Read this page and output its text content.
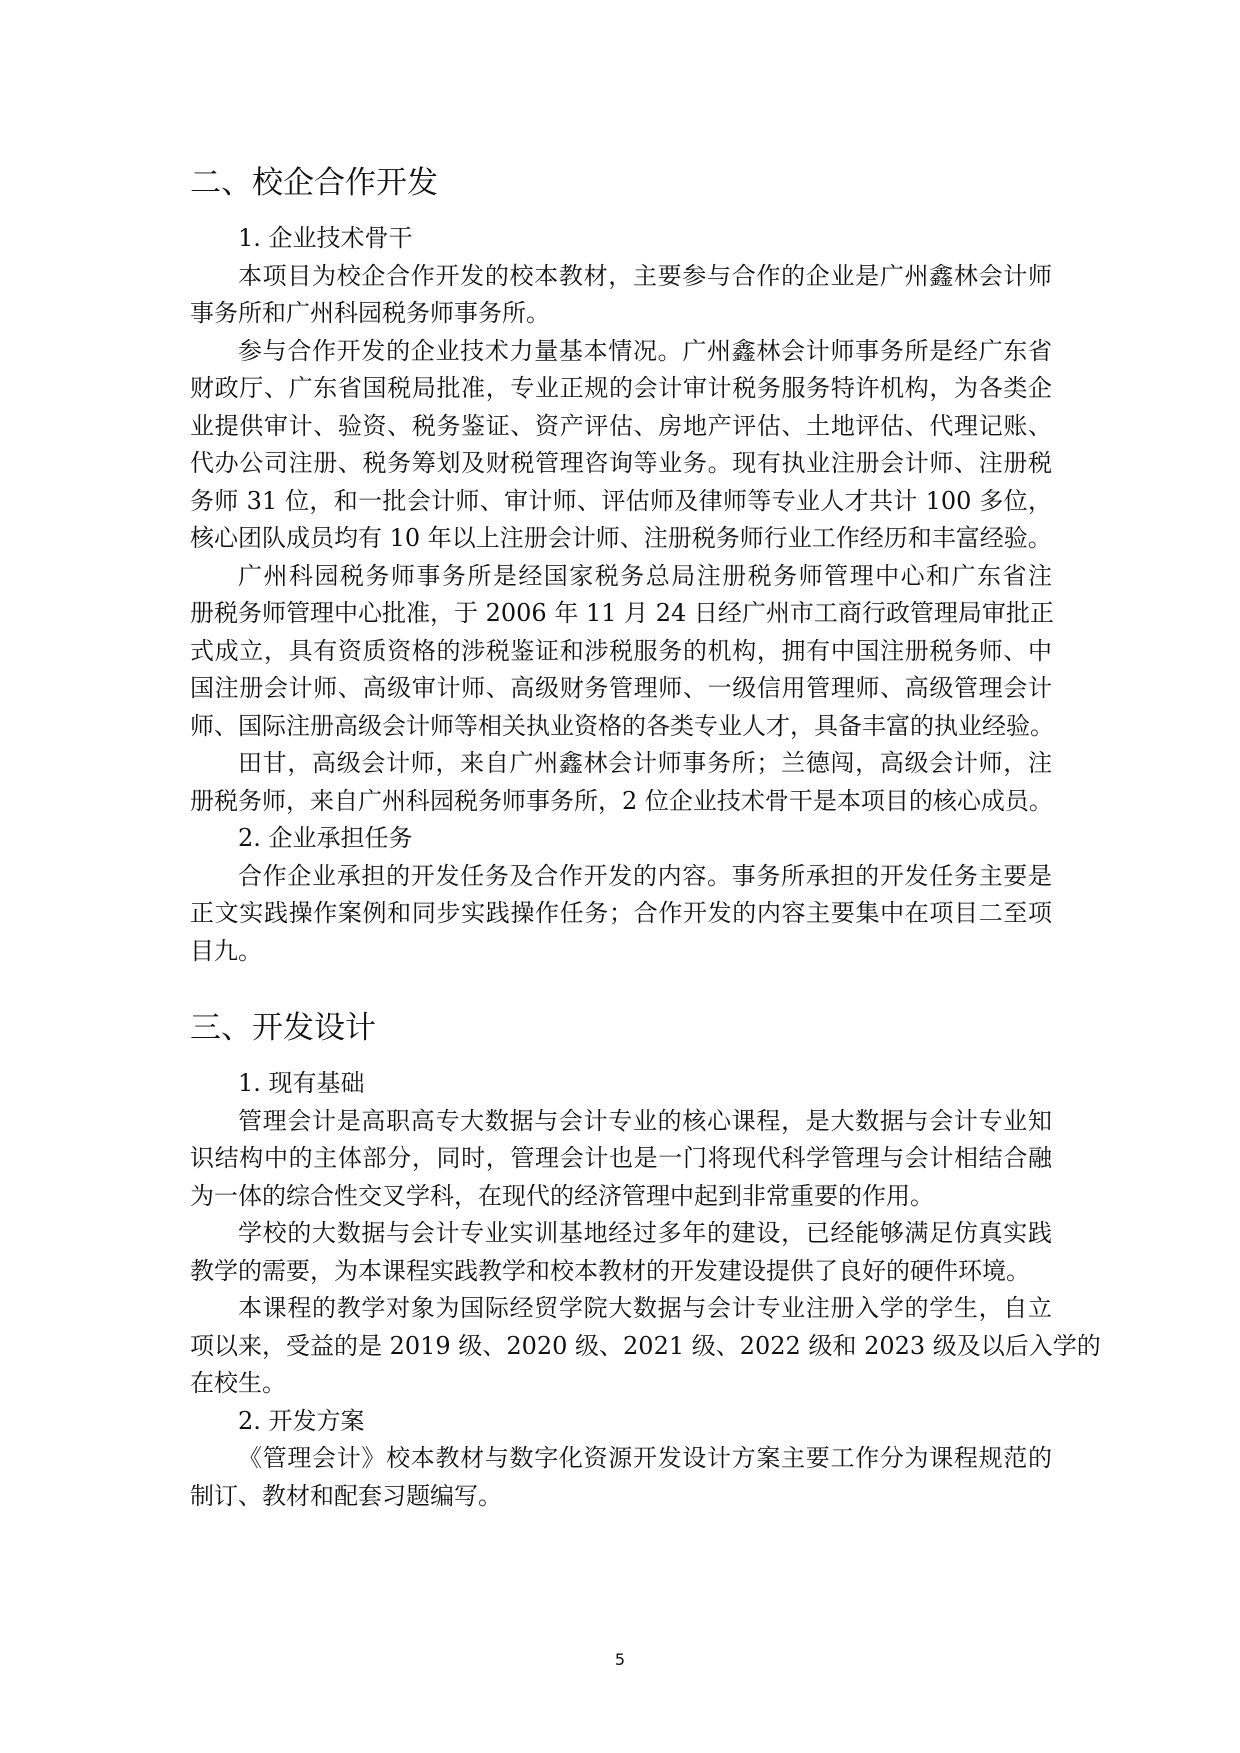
二、校企合作开发
1. 企业技术骨干
本项目为校企合作开发的校本教材，主要参与合作的企业是广州鑫林会计师
事务所和广州科园税务师事务所。
参与合作开发的企业技术力量基本情况。广州鑫林会计师事务所是经广东省
财政厅、广东省国税局批准，专业正规的会计审计税务服务特许机构，为各类企
业提供审计、验资、税务鉴证、资产评估、房地产评估、土地评估、代理记账、
代办公司注册、税务筹划及财税管理咨询等业务。现有执业注册会计师、注册税
务师 31 位，和一批会计师、审计师、评估师及律师等专业人才共计 100 多位，
核心团队成员均有 10 年以上注册会计师、注册税务师行业工作经历和丰富经验。
广州科园税务师事务所是经国家税务总局注册税务师管理中心和广东省注
册税务师管理中心批准，于 2006 年 11 月 24 日经广州市工商行政管理局审批正
式成立，具有资质资格的涉税鉴证和涉税服务的机构，拥有中国注册税务师、中
国注册会计师、高级审计师、高级财务管理师、一级信用管理师、高级管理会计
师、国际注册高级会计师等相关执业资格的各类专业人才，具备丰富的执业经验。
田甘，高级会计师，来自广州鑫林会计师事务所；兰德闯，高级会计师，注
册税务师，来自广州科园税务师事务所，2 位企业技术骨干是本项目的核心成员。
2. 企业承担任务
合作企业承担的开发任务及合作开发的内容。事务所承担的开发任务主要是
正文实践操作案例和同步实践操作任务；合作开发的内容主要集中在项目二至项
目九。
三、开发设计
1. 现有基础
管理会计是高职高专大数据与会计专业的核心课程，是大数据与会计专业知
识结构中的主体部分，同时，管理会计也是一门将现代科学管理与会计相结合融
为一体的综合性交叉学科，在现代的经济管理中起到非常重要的作用。
学校的大数据与会计专业实训基地经过多年的建设，已经能够满足仿真实践
教学的需要，为本课程实践教学和校本教材的开发建设提供了良好的硬件环境。
本课程的教学对象为国际经贸学院大数据与会计专业注册入学的学生，自立
项以来，受益的是 2019 级、2020 级、2021 级、2022 级和 2023 级及以后入学的
在校生。
2. 开发方案
《管理会计》校本教材与数字化资源开发设计方案主要工作分为课程规范的
制订、教材和配套习题编写。
5
